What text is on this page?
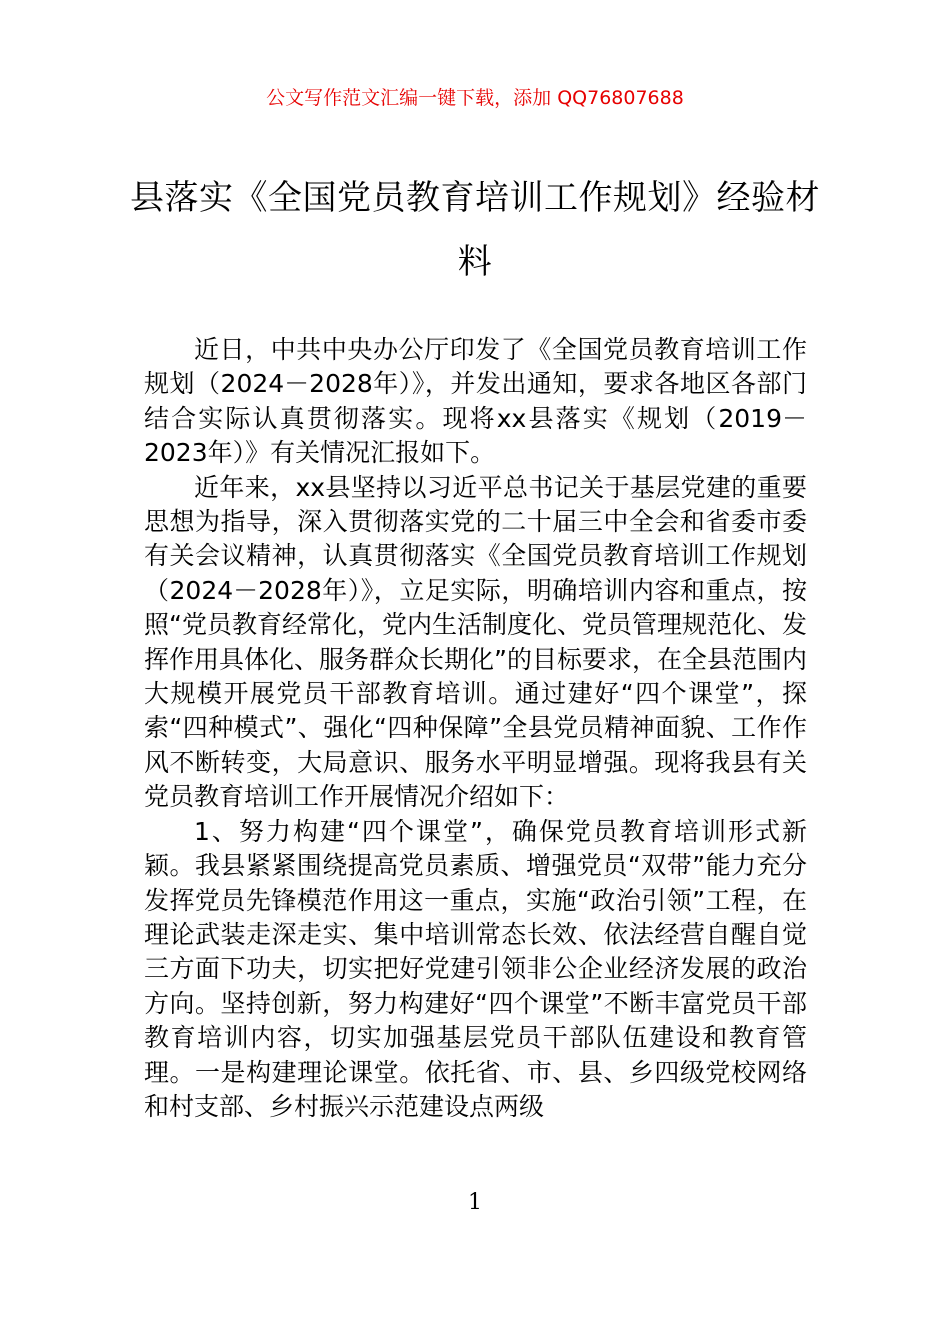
公文写作范文汇编一键下载，添加 QQ76807688
县落实《全国党员教育培训工作规划》经验材料

近日，中共中央办公厅印发了《全国党员教育培训工作规划（2024－2028年）》，并发出通知，要求各地区各部门结合实际认真贯彻落实。现将xx县落实《规划（2019－2023年）》有关情况汇报如下。

近年来，xx县坚持以习近平总书记关于基层党建的重要思想为指导，深入贯彻落实党的二十届三中全会和省委市委有关会议精神，认真贯彻落实《全国党员教育培训工作规划（2024－2028年）》，立足实际，明确培训内容和重点，按照“党员教育经常化，党内生活制度化、党员管理规范化、发挥作用具体化、服务群众长期化”的目标要求，在全县范围内大规模开展党员干部教育培训。通过建好“四个课堂”，探索“四种模式”、强化“四种保障”全县党员精神面貌、工作作风不断转变，大局意识、服务水平明显增强。现将我县有关党员教育培训工作开展情况介绍如下：

1、努力构建“四个课堂”，确保党员教育培训形式新颖。我县紧紧围绕提高党员素质、增强党员“双带”能力充分发挥党员先锋模范作用这一重点，实施“政治引领”工程，在理论武装走深走实、集中培训常态长效、依法经营自醒自觉三方面下功夫，切实把好党建引领非公企业经济发展的政治方向。坚持创新，努力构建好“四个课堂”不断丰富党员干部教育培训内容，切实加强基层党员干部队伍建设和教育管理。一是构建理论课堂。依托省、市、县、乡四级党校网络和村支部、乡村振兴示范建设点两级

1
